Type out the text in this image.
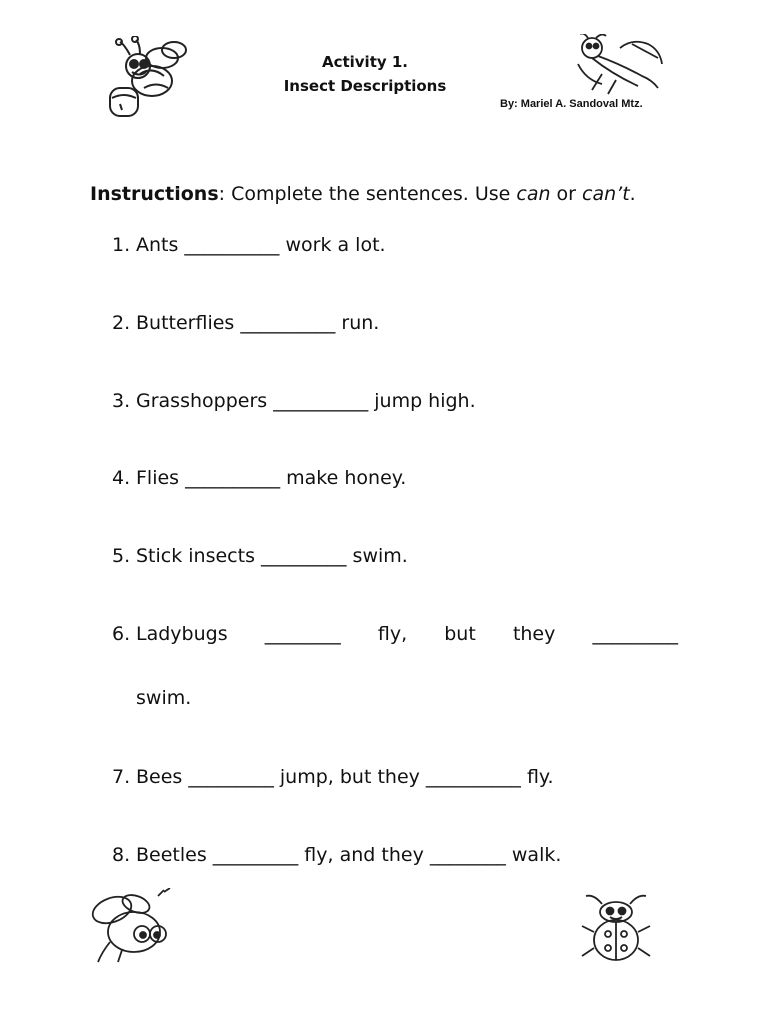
Activity 1.
Insect Descriptions
By: Mariel A. Sandoval Mtz.
Instructions: Complete the sentences. Use can or can’t.
1. Ants __________ work a lot.
2. Butterflies __________ run.
3. Grasshoppers __________ jump high.
4. Flies __________ make honey.
5. Stick insects _________ swim.
6. Ladybugs ________ fly, but they _________
swim.
7. Bees _________ jump, but they __________ fly.
8. Beetles _________ fly, and they ________ walk.
